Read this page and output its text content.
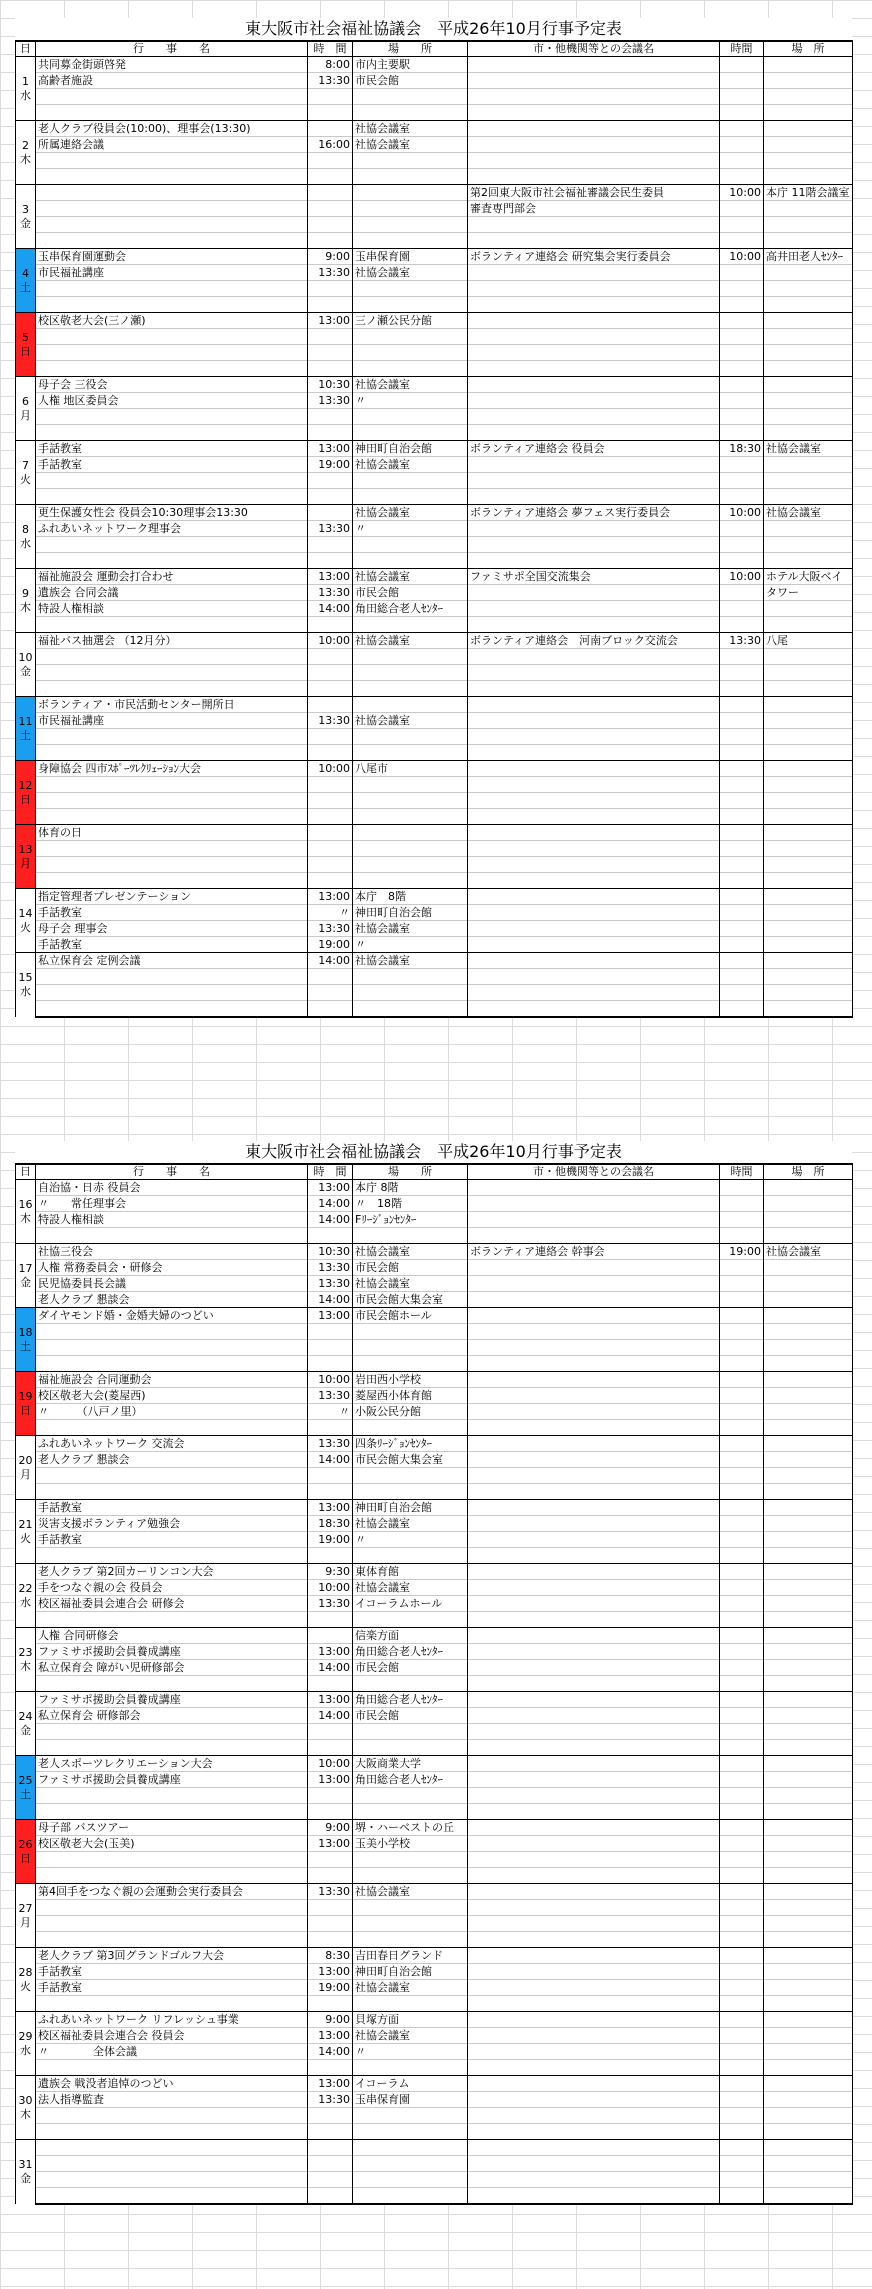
東大阪市社会福祉協議会　平成26年10月行事予定表
日	行　　事　　名	時　間	場　　所	市・他機関等との会議名	時間	場　所

1
水	共同募金街頭啓発	8:00	市内主要駅			
	高齢者施設	13:30	市民会館			

2
木	老人クラブ役員会(10:00)、理事会(13:30)		社協会議室			
	所属連絡会議	16:00	社協会議室			

3
金				第2回東大阪市社会福祉審議会民生委員	10:00	本庁 11階会議室
				審査専門部会		

4
土	玉串保育園運動会	9:00	玉串保育園	ボランティア連絡会 研究集会実行委員会	10:00	高井田老人ｾﾝﾀｰ
	市民福祉講座	13:30	社協会議室			

5
日	校区敬老大会(三ノ瀬)	13:00	三ノ瀬公民分館			

6
月	母子会 三役会	10:30	社協会議室			
	人権 地区委員会	13:30	〃			

7
火	手話教室	13:00	神田町自治会館	ボランティア連絡会 役員会	18:30	社協会議室
	手話教室	19:00	社協会議室			

8
水	更生保護女性会 役員会10:30理事会13:30		社協会議室	ボランティア連絡会 夢フェス実行委員会	10:00	社協会議室
	ふれあいネットワーク理事会	13:30	〃			

9
木	福祉施設会 運動会打合わせ	13:00	社協会議室	ファミサポ全国交流集会	10:00	ホテル大阪ベイ
	遺族会 合同会議	13:30	市民会館			タワー
	特設人権相談	14:00	角田総合老人ｾﾝﾀｰ			

10
金	福祉バス抽選会 （12月分）	10:00	社協会議室	ボランティア連絡会　河南ブロック交流会	13:30	八尾

11
土	ボランティア・市民活動センター開所日					
	市民福祉講座	13:30	社協会議室			

12
日	身障協会 四市ｽﾎﾟｰﾂﾚｸﾘｪｰｼｮﾝ大会	10:00	八尾市			

13
月	体育の日					

14
火	指定管理者プレゼンテーション	13:00	本庁　8階			
	手話教室	〃	神田町自治会館			
	母子会 理事会	13:30	社協会議室			
	手話教室	19:00	〃			

15
水	私立保育会 定例会議	14:00	社協会議室			

東大阪市社会福祉協議会　平成26年10月行事予定表
日	行　　事　　名	時　間	場　　所	市・他機関等との会議名	時間	場　所

16
木	自治協・日赤 役員会	13:00	本庁 8階			
	〃　　常任理事会	14:00	〃　18階			
	特設人権相談	14:00	Fﾘｰｼﾞｮﾝｾﾝﾀｰ			

17
金	社協三役会	10:30	社協会議室	ボランティア連絡会 幹事会	19:00	社協会議室
	人権 常務委員会・研修会	13:30	市民会館			
	民児協委員長会議	13:30	社協会議室			
	老人クラブ 懇談会	14:00	市民会館大集会室			

18
土	ダイヤモンド婚・金婚夫婦のつどい	13:00	市民会館ホール			

19
日	福祉施設会 合同運動会	10:00	岩田西小学校			
	校区敬老大会(菱屋西)	13:30	菱屋西小体育館			
	〃　　　（八戸ノ里）	〃	小阪公民分館			

20
月	ふれあいネットワーク 交流会	13:30	四条ﾘｰｼﾞｮﾝｾﾝﾀｰ			
	老人クラブ 懇談会	14:00	市民会館大集会室			

21
火	手話教室	13:00	神田町自治会館			
	災害支援ボランティア勉強会	18:30	社協会議室			
	手話教室	19:00	〃			

22
水	老人クラブ 第2回カーリンコン大会	9:30	東体育館			
	手をつなぐ親の会 役員会	10:00	社協会議室			
	校区福祉委員会連合会 研修会	13:30	イコーラムホール			

23
木	人権 合同研修会		信楽方面			
	ファミサポ援助会員養成講座	13:00	角田総合老人ｾﾝﾀｰ			
	私立保育会 障がい児研修部会	14:00	市民会館			

24
金	ファミサポ援助会員養成講座	13:00	角田総合老人ｾﾝﾀｰ			
	私立保育会 研修部会	14:00	市民会館			

25
土	老人スポーツレクリエーション大会	10:00	大阪商業大学			
	ファミサポ援助会員養成講座	13:00	角田総合老人ｾﾝﾀｰ			

26
日	母子部 バスツアー	9:00	堺・ハーベストの丘			
	校区敬老大会(玉美)	13:00	玉美小学校			

27
月	第4回手をつなぐ親の会運動会実行委員会	13:30	社協会議室			

28
火	老人クラブ 第3回グランドゴルフ大会	8:30	吉田春日グランド			
	手話教室	13:00	神田町自治会館			
	手話教室	19:00	社協会議室			

29
水	ふれあいネットワーク リフレッシュ事業	9:00	貝塚方面			
	校区福祉委員会連合会 役員会	13:00	社協会議室			
	〃　　　　全体会議	14:00	〃			

30
木	遺族会 戦没者追悼のつどい	13:00	イコーラム			
	法人指導監査	13:30	玉串保育園			

31
金						
